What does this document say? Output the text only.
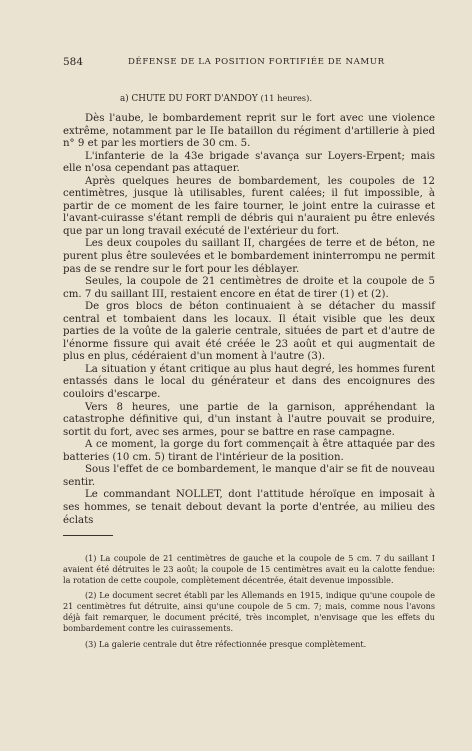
584	DÉFENSE DE LA POSITION FORTIFIÉE DE NAMUR
a) CHUTE DU FORT D'ANDOY (11 heures).

Dès l'aube, le bombardement reprit sur le fort avec une violence extrême, notamment par le IIe bataillon du régiment d'artillerie à pied n° 9 et par les mortiers de 30 cm. 5.

L'infanterie de la 43e brigade s'avança sur Loyers-Erpent; mais elle n'osa cependant pas attaquer.

Après quelques heures de bombardement, les coupoles de 12 centimètres, jusque là utilisables, furent calées; il fut impossible, à partir de ce moment de les faire tourner, le joint entre la cuirasse et l'avant-cuirasse s'étant rempli de débris qui n'auraient pu être enlevés que par un long travail exécuté de l'extérieur du fort.

Les deux coupoles du saillant II, chargées de terre et de béton, ne purent plus être soulevées et le bombardement ininterrompu ne permit pas de se rendre sur le fort pour les déblayer.

Seules, la coupole de 21 centimètres de droite et la coupole de 5 cm. 7 du saillant III, restaient encore en état de tirer (1) et (2).

De gros blocs de béton continuaient à se détacher du massif central et tombaient dans les locaux. Il était visible que les deux parties de la voûte de la galerie centrale, situées de part et d'autre de l'énorme fissure qui avait été créée le 23 août et qui augmentait de plus en plus, cédéraient d'un moment à l'autre (3).

La situation y étant critique au plus haut degré, les hommes furent entassés dans le local du générateur et dans des encoignures des couloirs d'escarpe.

Vers 8 heures, une partie de la garnison, appréhendant la catastrophe définitive qui, d'un instant à l'autre pouvait se produire, sortit du fort, avec ses armes, pour se battre en rase campagne.

A ce moment, la gorge du fort commençait à être attaquée par des batteries (10 cm. 5) tirant de l'intérieur de la position.

Sous l'effet de ce bombardement, le manque d'air se fit de nouveau sentir.

Le commandant NOLLET, dont l'attitude héroïque en imposait à ses hommes, se tenait debout devant la porte d'entrée, au milieu des éclats

(1) La coupole de 21 centimètres de gauche et la coupole de 5 cm. 7 du saillant I avaient été détruites le 23 août; la coupole de 15 centimètres avait eu la calotte fendue: la rotation de cette coupole, complètement décentrée, était devenue impossible.

(2) Le document secret établi par les Allemands en 1915, indique qu'une coupole de 21 centimètres fut détruite, ainsi qu'une coupole de 5 cm. 7; mais, comme nous l'avons déjà fait remarquer, le document précité, très incomplet, n'envisage que les effets du bombardement contre les cuirassements.

(3) La galerie centrale dut être réfectionnée presque complètement.
